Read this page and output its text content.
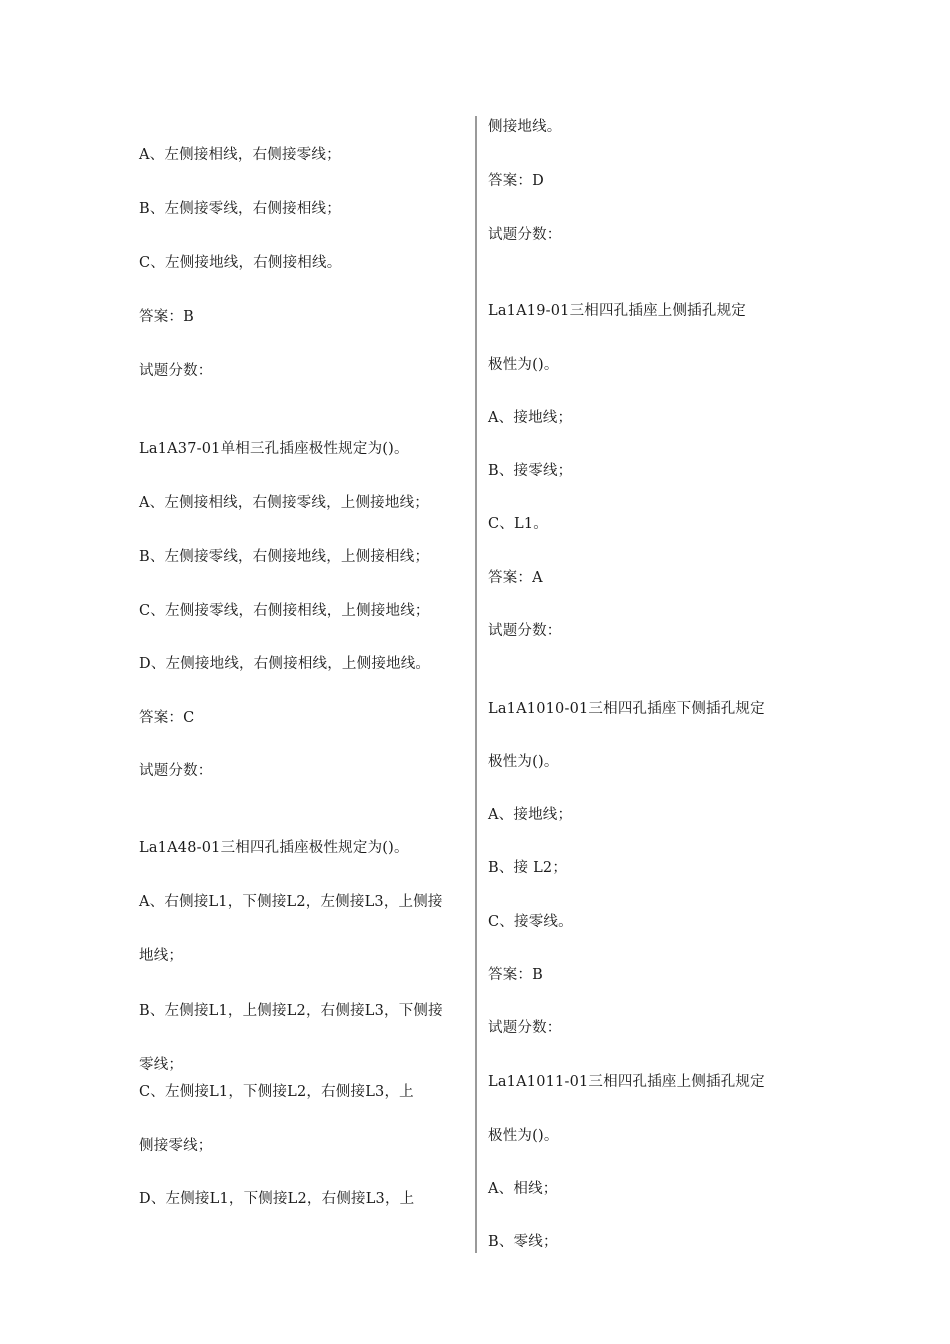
A、左侧接相线，右侧接零线；
B、左侧接零线，右侧接相线；
C、左侧接地线，右侧接相线。
答案：B
试题分数：
La1A37-01单相三孔插座极性规定为()。
A、左侧接相线，右侧接零线，上侧接地线；
B、左侧接零线，右侧接地线，上侧接相线；
C、左侧接零线，右侧接相线，上侧接地线；
D、左侧接地线，右侧接相线，上侧接地线。
答案：C
试题分数：
La1A48-01三相四孔插座极性规定为()。
A、右侧接L1，下侧接L2，左侧接L3，上侧接
地线；
B、左侧接L1，上侧接L2，右侧接L3，下侧接
零线；
C、左侧接L1，下侧接L2，右侧接L3，上
侧接零线；
D、左侧接L1，下侧接L2，右侧接L3，上
侧接地线。
答案：D
试题分数：
La1A19-01三相四孔插座上侧插孔规定
极性为()。
A、接地线；
B、接零线；
C、L1。
答案：A
试题分数：
La1A1010-01三相四孔插座下侧插孔规定
极性为()。
A、接地线；
B、接 L2；
C、接零线。
答案：B
试题分数：
La1A1011-01三相四孔插座上侧插孔规定
极性为()。
A、相线；
B、零线；
